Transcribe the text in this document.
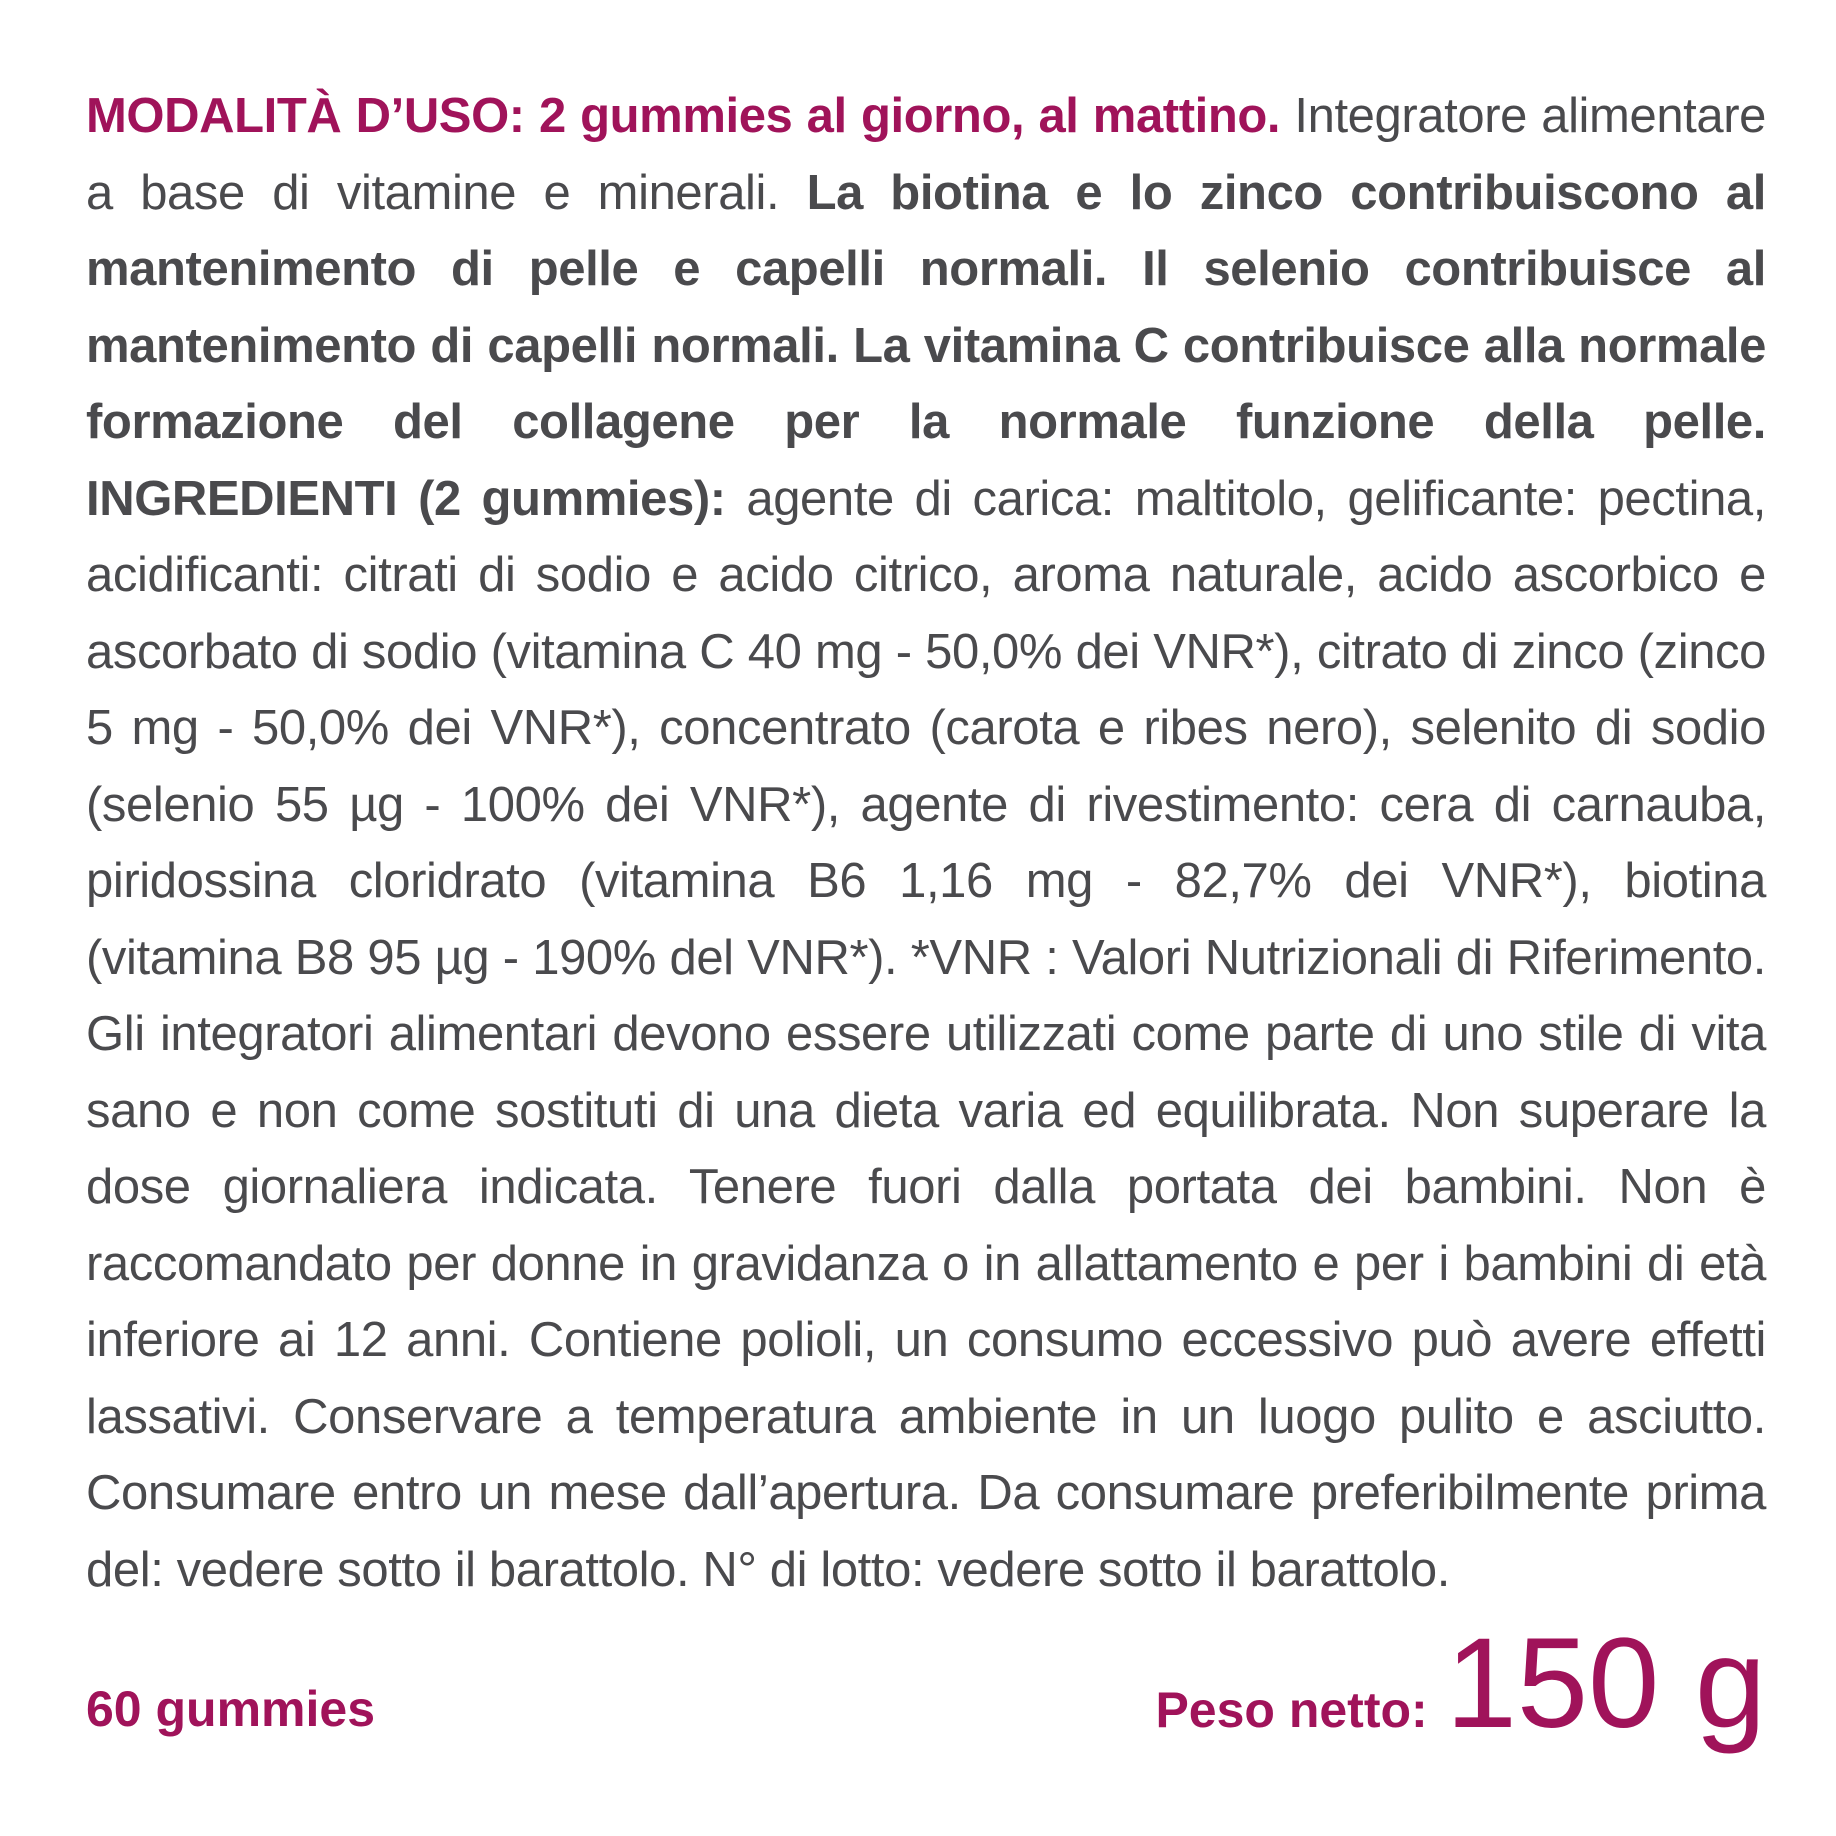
MODALITÀ D’USO: 2 gummies al giorno, al mattino. Integratore alimentare a base di vitamine e minerali. La biotina e lo zinco contribuiscono al mantenimento di pelle e capelli normali. Il selenio contribuisce al mantenimento di capelli normali. La vitamina C contribuisce alla normale formazione del collagene per la normale funzione della pelle. INGREDIENTI (2 gummies): agente di carica: maltitolo, gelificante: pectina, acidificanti: citrati di sodio e acido citrico, aroma naturale, acido ascorbico e ascorbato di sodio (vitamina C 40 mg - 50,0% dei VNR*), citrato di zinco (zinco 5 mg - 50,0% dei VNR*), concentrato (carota e ribes nero), selenito di sodio (selenio 55 µg - 100% dei VNR*), agente di rivestimento: cera di carnauba, piridossina cloridrato (vitamina B6 1,16 mg - 82,7% dei VNR*), biotina (vitamina B8 95 µg - 190% del VNR*). *VNR : Valori Nutrizionali di Riferimento. Gli integratori alimentari devono essere utilizzati come parte di uno stile di vita sano e non come sostituti di una dieta varia ed equilibrata. Non superare la dose giornaliera indicata. Tenere fuori dalla portata dei bambini. Non è raccomandato per donne in gravidanza o in allattamento e per i bambini di età inferiore ai 12 anni. Contiene polioli, un consumo eccessivo può avere effetti lassativi. Conservare a temperatura ambiente in un luogo pulito e asciutto. Consumare entro un mese dall’apertura. Da consumare preferibilmente prima del: vedere sotto il barattolo. N° di lotto: vedere sotto il barattolo.
60 gummies	Peso netto: 150 g
